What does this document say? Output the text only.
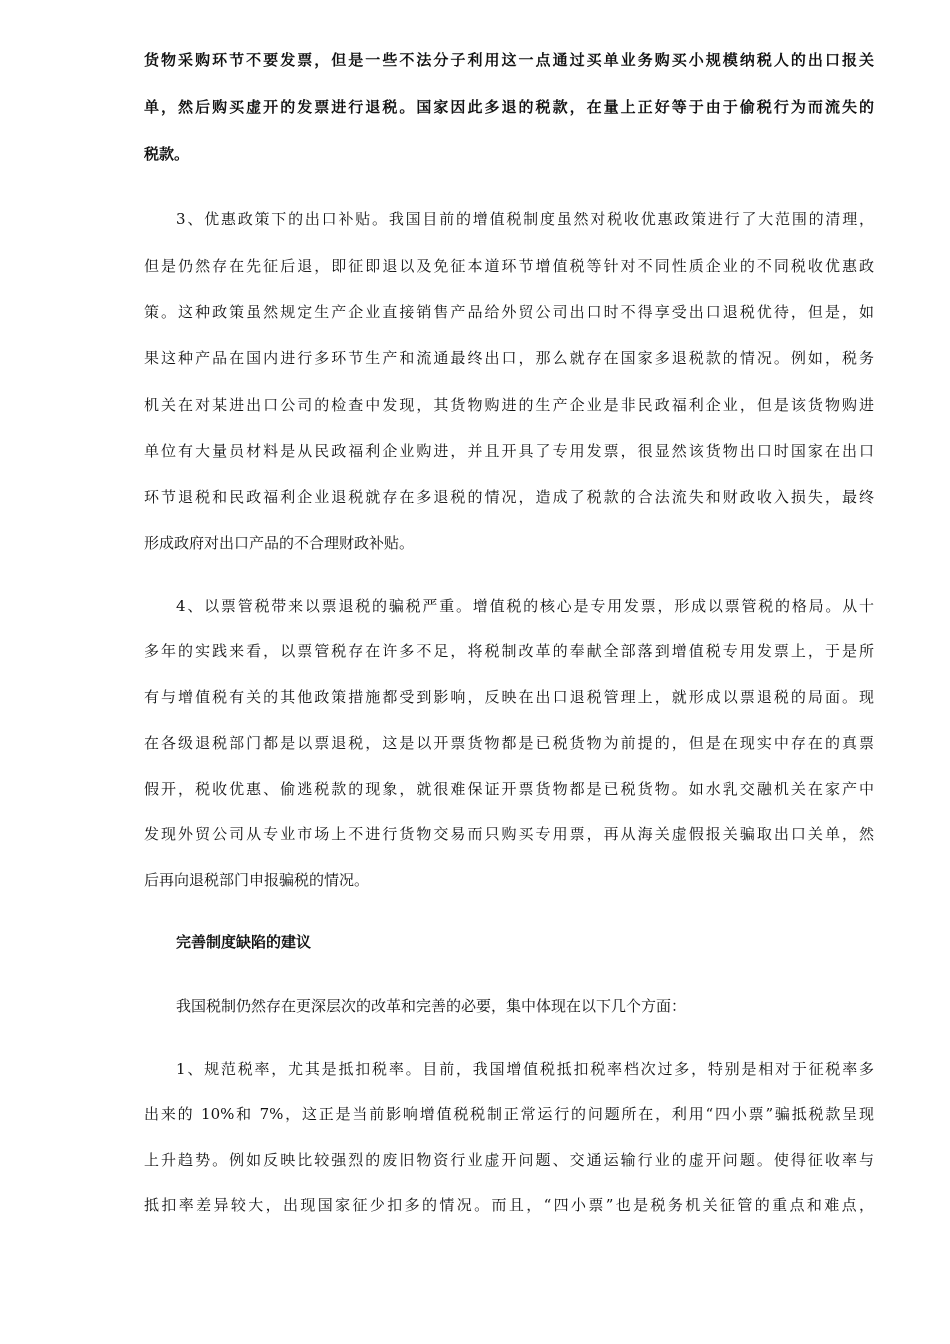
货物采购环节不要发票，但是一些不法分子利用这一点通过买单业务购买小规模纳税人的出口报关
单，然后购买虚开的发票进行退税。国家因此多退的税款，在量上正好等于由于偷税行为而流失的
税款。
3、优惠政策下的出口补贴。我国目前的增值税制度虽然对税收优惠政策进行了大范围的清理，
但是仍然存在先征后退，即征即退以及免征本道环节增值税等针对不同性质企业的不同税收优惠政
策。这种政策虽然规定生产企业直接销售产品给外贸公司出口时不得享受出口退税优待，但是，如
果这种产品在国内进行多环节生产和流通最终出口，那么就存在国家多退税款的情况。例如，税务
机关在对某进出口公司的检查中发现，其货物购进的生产企业是非民政福利企业，但是该货物购进
单位有大量员材料是从民政福利企业购进，并且开具了专用发票，很显然该货物出口时国家在出口
环节退税和民政福利企业退税就存在多退税的情况，造成了税款的合法流失和财政收入损失，最终
形成政府对出口产品的不合理财政补贴。
4、以票管税带来以票退税的骗税严重。增值税的核心是专用发票，形成以票管税的格局。从十
多年的实践来看，以票管税存在许多不足，将税制改革的奉献全部落到增值税专用发票上，于是所
有与增值税有关的其他政策措施都受到影响，反映在出口退税管理上，就形成以票退税的局面。现
在各级退税部门都是以票退税，这是以开票货物都是已税货物为前提的，但是在现实中存在的真票
假开，税收优惠、偷逃税款的现象，就很难保证开票货物都是已税货物。如水乳交融机关在家产中
发现外贸公司从专业市场上不进行货物交易而只购买专用票，再从海关虚假报关骗取出口关单，然
后再向退税部门申报骗税的情况。
完善制度缺陷的建议
我国税制仍然存在更深层次的改革和完善的必要，集中体现在以下几个方面：
1、规范税率，尤其是抵扣税率。目前，我国增值税抵扣税率档次过多，特别是相对于征税率多
出来的 10%和 7%，这正是当前影响增值税税制正常运行的问题所在，利用“四小票”骗抵税款呈现
上升趋势。例如反映比较强烈的废旧物资行业虚开问题、交通运输行业的虚开问题。使得征收率与
抵扣率差异较大，出现国家征少扣多的情况。而且，“四小票”也是税务机关征管的重点和难点，
